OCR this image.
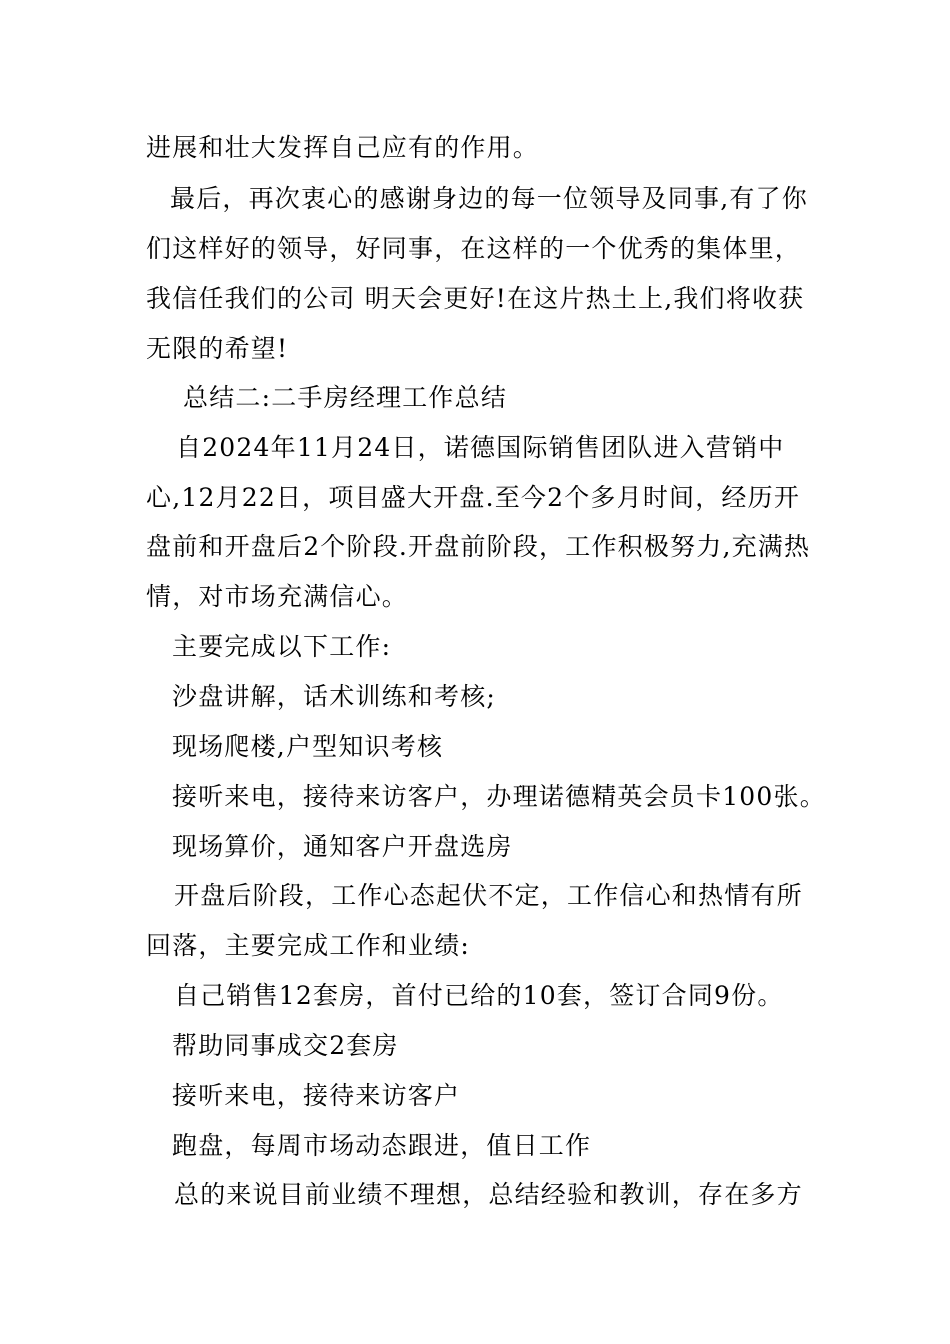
进展和壮大发挥自己应有的作用。
最后，再次衷心的感谢身边的每一位领导及同事,有了你
们这样好的领导，好同事，在这样的一个优秀的集体里，
我信任我们的公司 明天会更好!在这片热土上,我们将收获
无限的希望!
总结二:二手房经理工作总结
自2024年11月24日，诺德国际销售团队进入营销中
心,12月22日，项目盛大开盘.至今2个多月时间，经历开
盘前和开盘后2个阶段.开盘前阶段，工作积极努力,充满热
情，对市场充满信心。
主要完成以下工作:
沙盘讲解，话术训练和考核;
现场爬楼,户型知识考核
接听来电，接待来访客户，办理诺德精英会员卡100张。
现场算价，通知客户开盘选房
开盘后阶段，工作心态起伏不定，工作信心和热情有所
回落，主要完成工作和业绩:
自己销售12套房，首付已给的10套，签订合同9份。
帮助同事成交2套房
接听来电，接待来访客户
跑盘，每周市场动态跟进，值日工作
总的来说目前业绩不理想，总结经验和教训，存在多方
